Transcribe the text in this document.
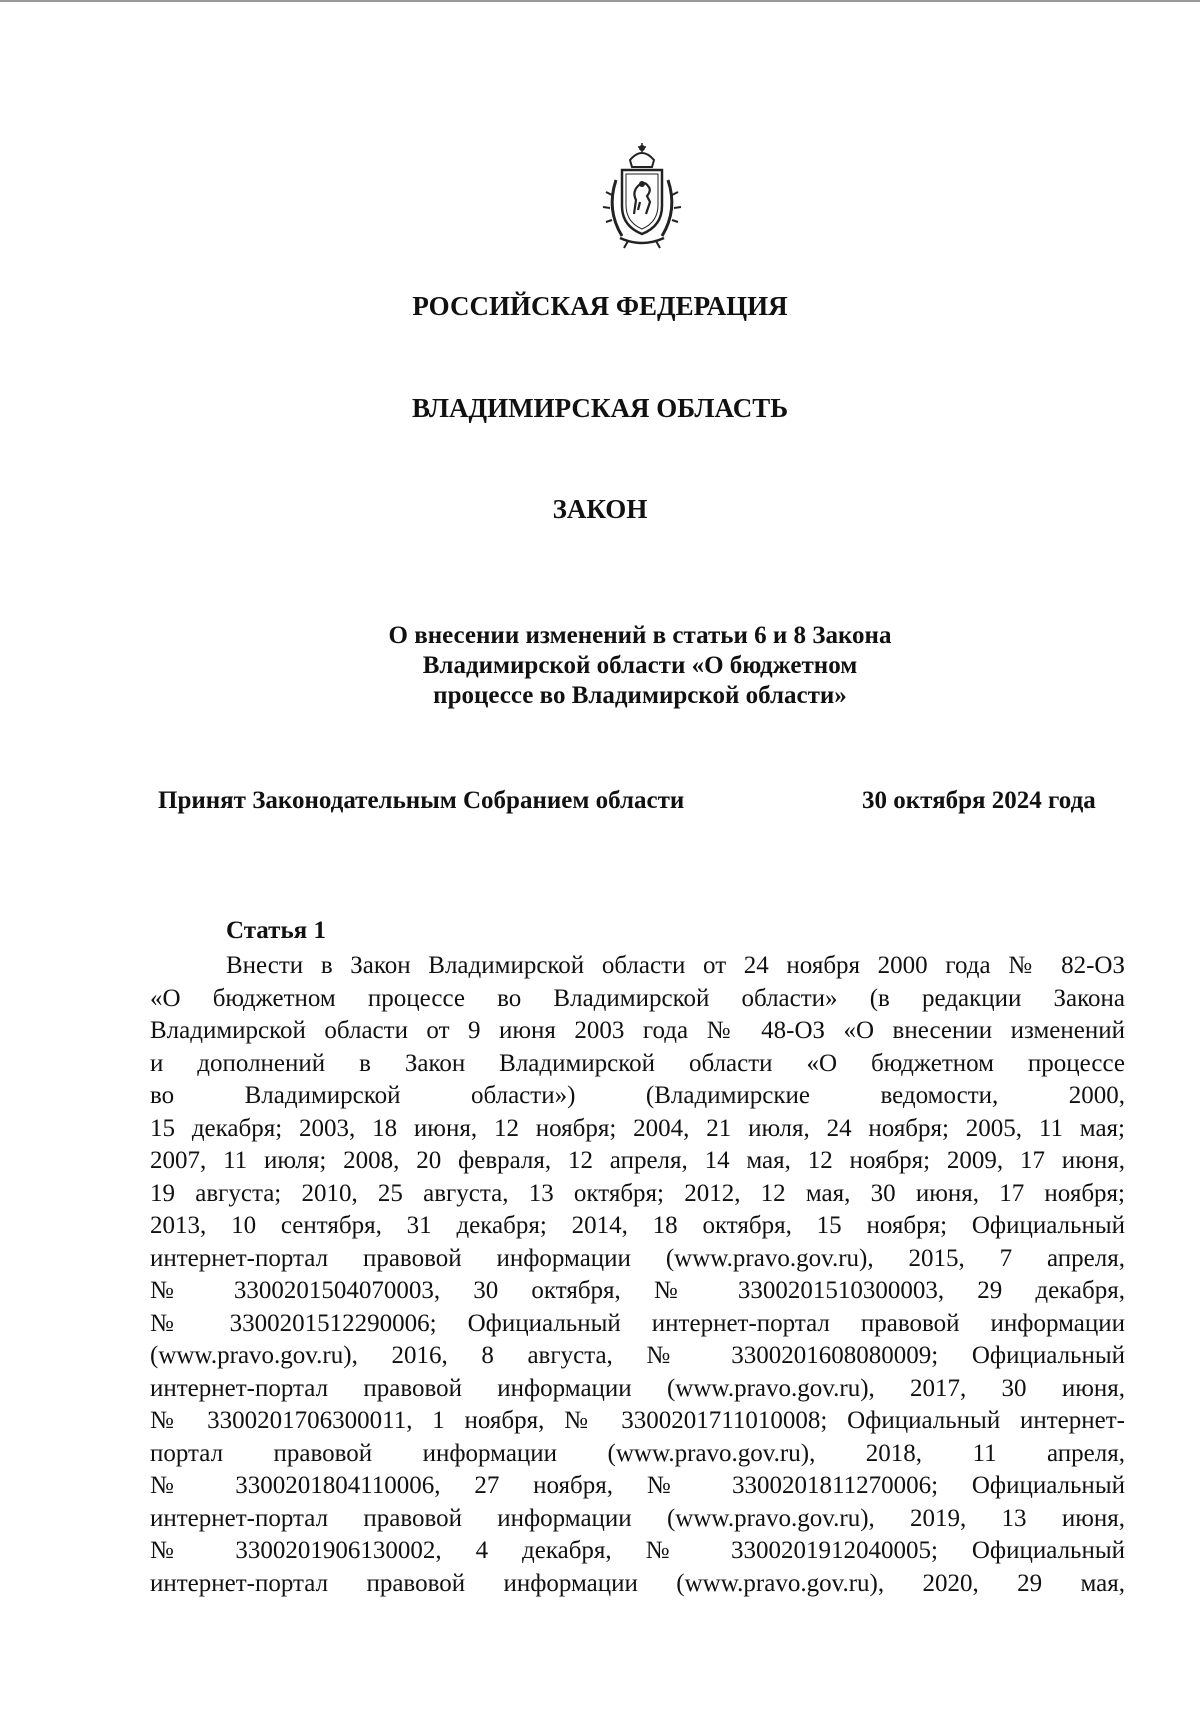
РОССИЙСКАЯ ФЕДЕРАЦИЯ
ВЛАДИМИРСКАЯ ОБЛАСТЬ
ЗАКОН
О внесении изменений в статьи 6 и 8 Закона
Владимирской области «О бюджетном
процессе во Владимирской области»
Принят Законодательным Собранием области	30 октября 2024 года
Статья 1
Внести в Закон Владимирской области от 24 ноября 2000 года № 82-ОЗ
«О бюджетном процессе во Владимирской области» (в редакции Закона
Владимирской области от 9 июня 2003 года № 48-ОЗ «О внесении изменений
и дополнений в Закон Владимирской области «О бюджетном процессе
во Владимирской области») (Владимирские ведомости, 2000,
15 декабря; 2003, 18 июня, 12 ноября; 2004, 21 июля, 24 ноября; 2005, 11 мая;
2007, 11 июля; 2008, 20 февраля, 12 апреля, 14 мая, 12 ноября; 2009, 17 июня,
19 августа; 2010, 25 августа, 13 октября; 2012, 12 мая, 30 июня, 17 ноября;
2013, 10 сентября, 31 декабря; 2014, 18 октября, 15 ноября; Официальный
интернет-портал правовой информации (www.pravo.gov.ru), 2015, 7 апреля,
№ 3300201504070003, 30 октября, № 3300201510300003, 29 декабря,
№ 3300201512290006; Официальный интернет-портал правовой информации
(www.pravo.gov.ru), 2016, 8 августа, № 3300201608080009; Официальный
интернет-портал правовой информации (www.pravo.gov.ru), 2017, 30 июня,
№ 3300201706300011, 1 ноября, № 3300201711010008; Официальный интернет-
портал правовой информации (www.pravo.gov.ru), 2018, 11 апреля,
№ 3300201804110006, 27 ноября, № 3300201811270006; Официальный
интернет-портал правовой информации (www.pravo.gov.ru), 2019, 13 июня,
№ 3300201906130002, 4 декабря, № 3300201912040005; Официальный
интернет-портал правовой информации (www.pravo.gov.ru), 2020, 29 мая,
